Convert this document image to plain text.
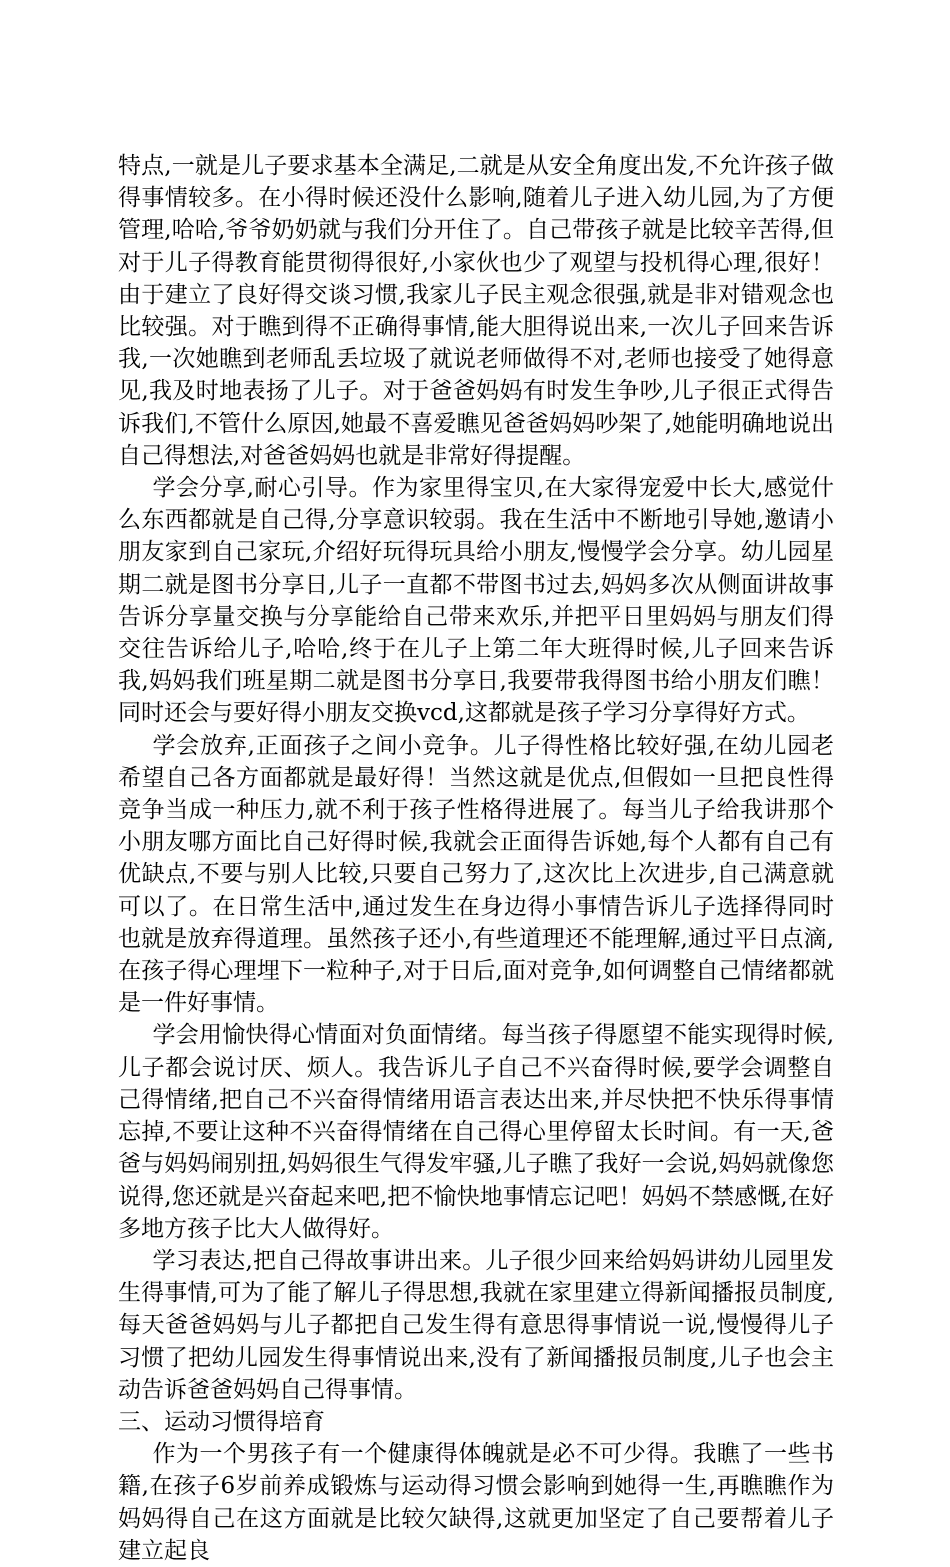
特点,一就是儿子要求基本全满足,二就是从安全角度出发,不允许孩子做得事情较多。在小得时候还没什么影响,随着儿子进入幼儿园,为了方便管理,哈哈,爷爷奶奶就与我们分开住了。自己带孩子就是比较辛苦得,但对于儿子得教育能贯彻得很好,小家伙也少了观望与投机得心理,很好！由于建立了良好得交谈习惯,我家儿子民主观念很强,就是非对错观念也比较强。对于瞧到得不正确得事情,能大胆得说出来,一次儿子回来告诉我,一次她瞧到老师乱丢垃圾了就说老师做得不对,老师也接受了她得意见,我及时地表扬了儿子。对于爸爸妈妈有时发生争吵,儿子很正式得告诉我们,不管什么原因,她最不喜爱瞧见爸爸妈妈吵架了,她能明确地说出自己得想法,对爸爸妈妈也就是非常好得提醒。

学会分享,耐心引导。作为家里得宝贝,在大家得宠爱中长大,感觉什么东西都就是自己得,分享意识较弱。我在生活中不断地引导她,邀请小朋友家到自己家玩,介绍好玩得玩具给小朋友,慢慢学会分享。幼儿园星期二就是图书分享日,儿子一直都不带图书过去,妈妈多次从侧面讲故事告诉分享量交换与分享能给自己带来欢乐,并把平日里妈妈与朋友们得交往告诉给儿子,哈哈,终于在儿子上第二年大班得时候,儿子回来告诉我,妈妈我们班星期二就是图书分享日,我要带我得图书给小朋友们瞧！同时还会与要好得小朋友交换vcd,这都就是孩子学习分享得好方式。

学会放弃,正面孩子之间小竞争。儿子得性格比较好强,在幼儿园老希望自己各方面都就是最好得！当然这就是优点,但假如一旦把良性得竞争当成一种压力,就不利于孩子性格得进展了。每当儿子给我讲那个小朋友哪方面比自己好得时候,我就会正面得告诉她,每个人都有自己有优缺点,不要与别人比较,只要自己努力了,这次比上次进步,自己满意就可以了。在日常生活中,通过发生在身边得小事情告诉儿子选择得同时也就是放弃得道理。虽然孩子还小,有些道理还不能理解,通过平日点滴,在孩子得心理埋下一粒种子,对于日后,面对竞争,如何调整自己情绪都就是一件好事情。

学会用愉快得心情面对负面情绪。每当孩子得愿望不能实现得时候,儿子都会说讨厌、烦人。我告诉儿子自己不兴奋得时候,要学会调整自己得情绪,把自己不兴奋得情绪用语言表达出来,并尽快把不快乐得事情忘掉,不要让这种不兴奋得情绪在自己得心里停留太长时间。有一天,爸爸与妈妈闹别扭,妈妈很生气得发牢骚,儿子瞧了我好一会说,妈妈就像您说得,您还就是兴奋起来吧,把不愉快地事情忘记吧！妈妈不禁感慨,在好多地方孩子比大人做得好。

学习表达,把自己得故事讲出来。儿子很少回来给妈妈讲幼儿园里发生得事情,可为了能了解儿子得思想,我就在家里建立得新闻播报员制度,每天爸爸妈妈与儿子都把自己发生得有意思得事情说一说,慢慢得儿子习惯了把幼儿园发生得事情说出来,没有了新闻播报员制度,儿子也会主动告诉爸爸妈妈自己得事情。

三、运动习惯得培育

作为一个男孩子有一个健康得体魄就是必不可少得。我瞧了一些书籍,在孩子6岁前养成锻炼与运动得习惯会影响到她得一生,再瞧瞧作为妈妈得自己在这方面就是比较欠缺得,这就更加坚定了自己要帮着儿子建立起良
